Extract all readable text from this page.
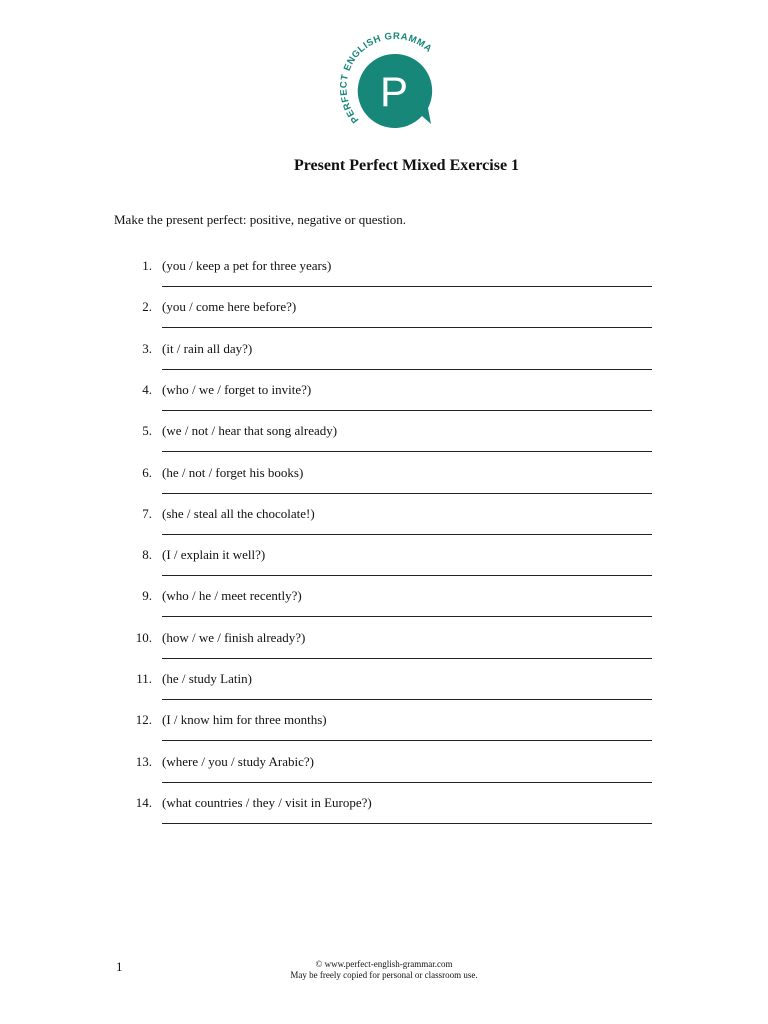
PERFECT ENGLISH GRAMMA
P
Present Perfect Mixed Exercise 1

Make the present perfect: positive, negative or question.

1. (you / keep a pet for three years)
2. (you / come here before?)
3. (it / rain all day?)
4. (who / we / forget to invite?)
5. (we / not / hear that song already)
6. (he / not / forget his books)
7. (she / steal all the chocolate!)
8. (I / explain it well?)
9. (who / he / meet recently?)
10. (how / we / finish already?)
11. (he / study Latin)
12. (I / know him for three months)
13. (where / you / study Arabic?)
14. (what countries / they / visit in Europe?)
1	© www.perfect-english-grammar.com
May be freely copied for personal or classroom use.
